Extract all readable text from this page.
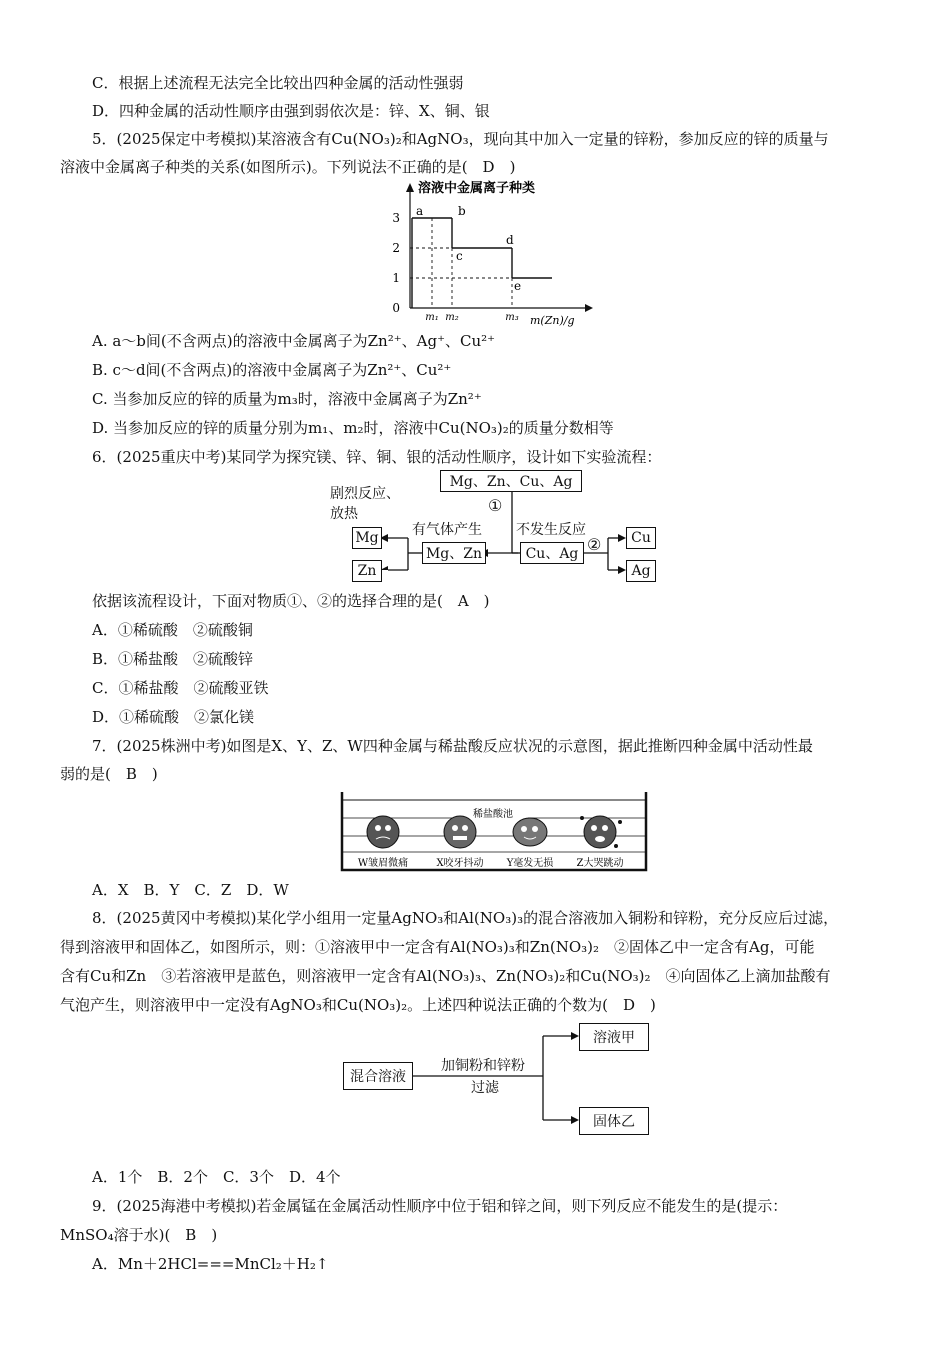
C．根据上述流程无法完全比较出四种金属的活动性强弱
D．四种金属的活动性顺序由强到弱依次是：锌、X、铜、银
5．(2025保定中考模拟)某溶液含有Cu(NO₃)₂和AgNO₃，现向其中加入一定量的锌粉，参加反应的锌的质量与
溶液中金属离子种类的关系(如图所示)。下列说法不正确的是(　D　)
溶液中金属离子种类
0
1
2
3
m₁ m₂	m₃
a	b
c
d
e
m(Zn)/g
A. a～b间(不含两点)的溶液中金属离子为Zn²⁺、Ag⁺、Cu²⁺
B. c～d间(不含两点)的溶液中金属离子为Zn²⁺、Cu²⁺
C. 当参加反应的锌的质量为m₃时，溶液中金属离子为Zn²⁺
D. 当参加反应的锌的质量分别为m₁、m₂时，溶液中Cu(NO₃)₂的质量分数相等
6．(2025重庆中考)某同学为探究镁、锌、铜、银的活动性顺序，设计如下实验流程：
Mg、Zn、Cu、Ag
①
剧烈反应、
放热
有气体产生 不发生反应
②
Mg、Zn	Cu、Ag
Mg
Zn
Cu
Ag
依据该流程设计，下面对物质①、②的选择合理的是(　A　)
A．①稀硫酸　②硫酸铜
B．①稀盐酸　②硫酸锌
C．①稀盐酸　②硫酸亚铁
D．①稀硫酸　②氯化镁
7．(2025株洲中考)如图是X、Y、Z、W四种金属与稀盐酸反应状况的示意图，据此推断四种金属中活动性最
弱的是(　B　)
稀盐酸池
W皱眉微痛	X咬牙抖动 Y毫发无损 Z大哭跳动
A．X　B．Y　C．Z　D．W
8．(2025黄冈中考模拟)某化学小组用一定量AgNO₃和Al(NO₃)₃的混合溶液加入铜粉和锌粉，充分反应后过滤，
得到溶液甲和固体乙，如图所示，则：①溶液甲中一定含有Al(NO₃)₃和Zn(NO₃)₂　②固体乙中一定含有Ag，可能
含有Cu和Zn　③若溶液甲是蓝色，则溶液甲一定含有Al(NO₃)₃、Zn(NO₃)₂和Cu(NO₃)₂　④向固体乙上滴加盐酸有
气泡产生，则溶液甲中一定没有AgNO₃和Cu(NO₃)₂。上述四种说法正确的个数为(　D　)
混合溶液
加铜粉和锌粉
过滤
溶液甲
固体乙
A．1个　B．2个　C．3个　D．4个
9．(2025海港中考模拟)若金属锰在金属活动性顺序中位于铝和锌之间，则下列反应不能发生的是(提示：
MnSO₄溶于水)(　B　)
A．Mn＋2HCl===MnCl₂＋H₂↑
